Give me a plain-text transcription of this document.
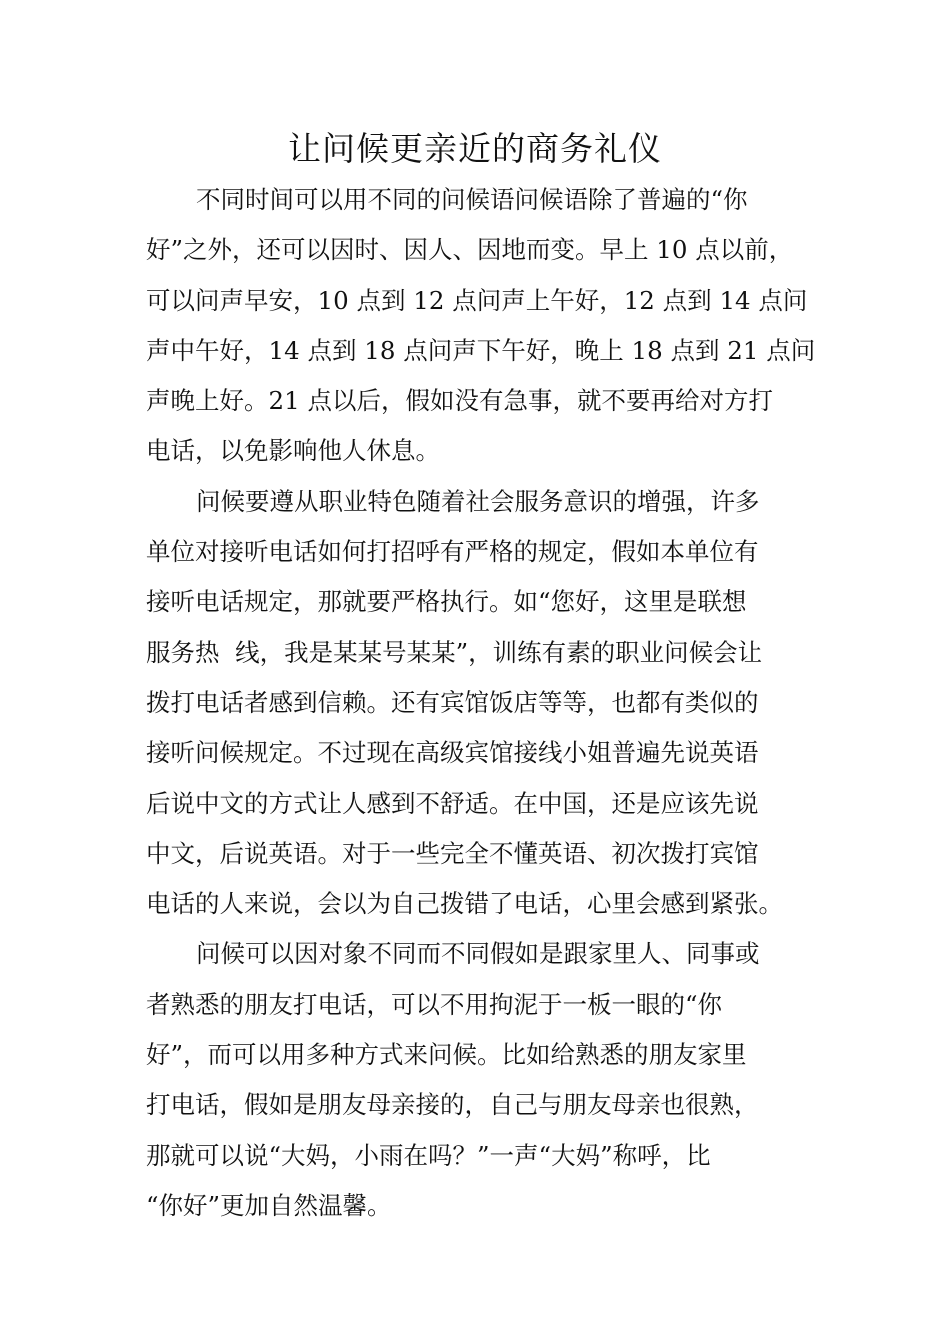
让问候更亲近的商务礼仪
不同时间可以用不同的问候语问候语除了普遍的“你
好”之外，还可以因时、因人、因地而变。早上 10 点以前，
可以问声早安，10 点到 12 点问声上午好，12 点到 14 点问
声中午好，14 点到 18 点问声下午好，晚上 18 点到 21 点问
声晚上好。21 点以后，假如没有急事，就不要再给对方打
电话，以免影响他人休息。
问候要遵从职业特色随着社会服务意识的增强，许多
单位对接听电话如何打招呼有严格的规定，假如本单位有
接听电话规定，那就要严格执行。如“您好，这里是联想
服务热  线，我是某某号某某”，训练有素的职业问候会让
拨打电话者感到信赖。还有宾馆饭店等等，也都有类似的
接听问候规定。不过现在高级宾馆接线小姐普遍先说英语
后说中文的方式让人感到不舒适。在中国，还是应该先说
中文，后说英语。对于一些完全不懂英语、初次拨打宾馆
电话的人来说，会以为自己拨错了电话，心里会感到紧张。
问候可以因对象不同而不同假如是跟家里人、同事或
者熟悉的朋友打电话，可以不用拘泥于一板一眼的“你
好”，而可以用多种方式来问候。比如给熟悉的朋友家里
打电话，假如是朋友母亲接的，自己与朋友母亲也很熟，
那就可以说“大妈，小雨在吗？”一声“大妈”称呼，比
“你好”更加自然温馨。
